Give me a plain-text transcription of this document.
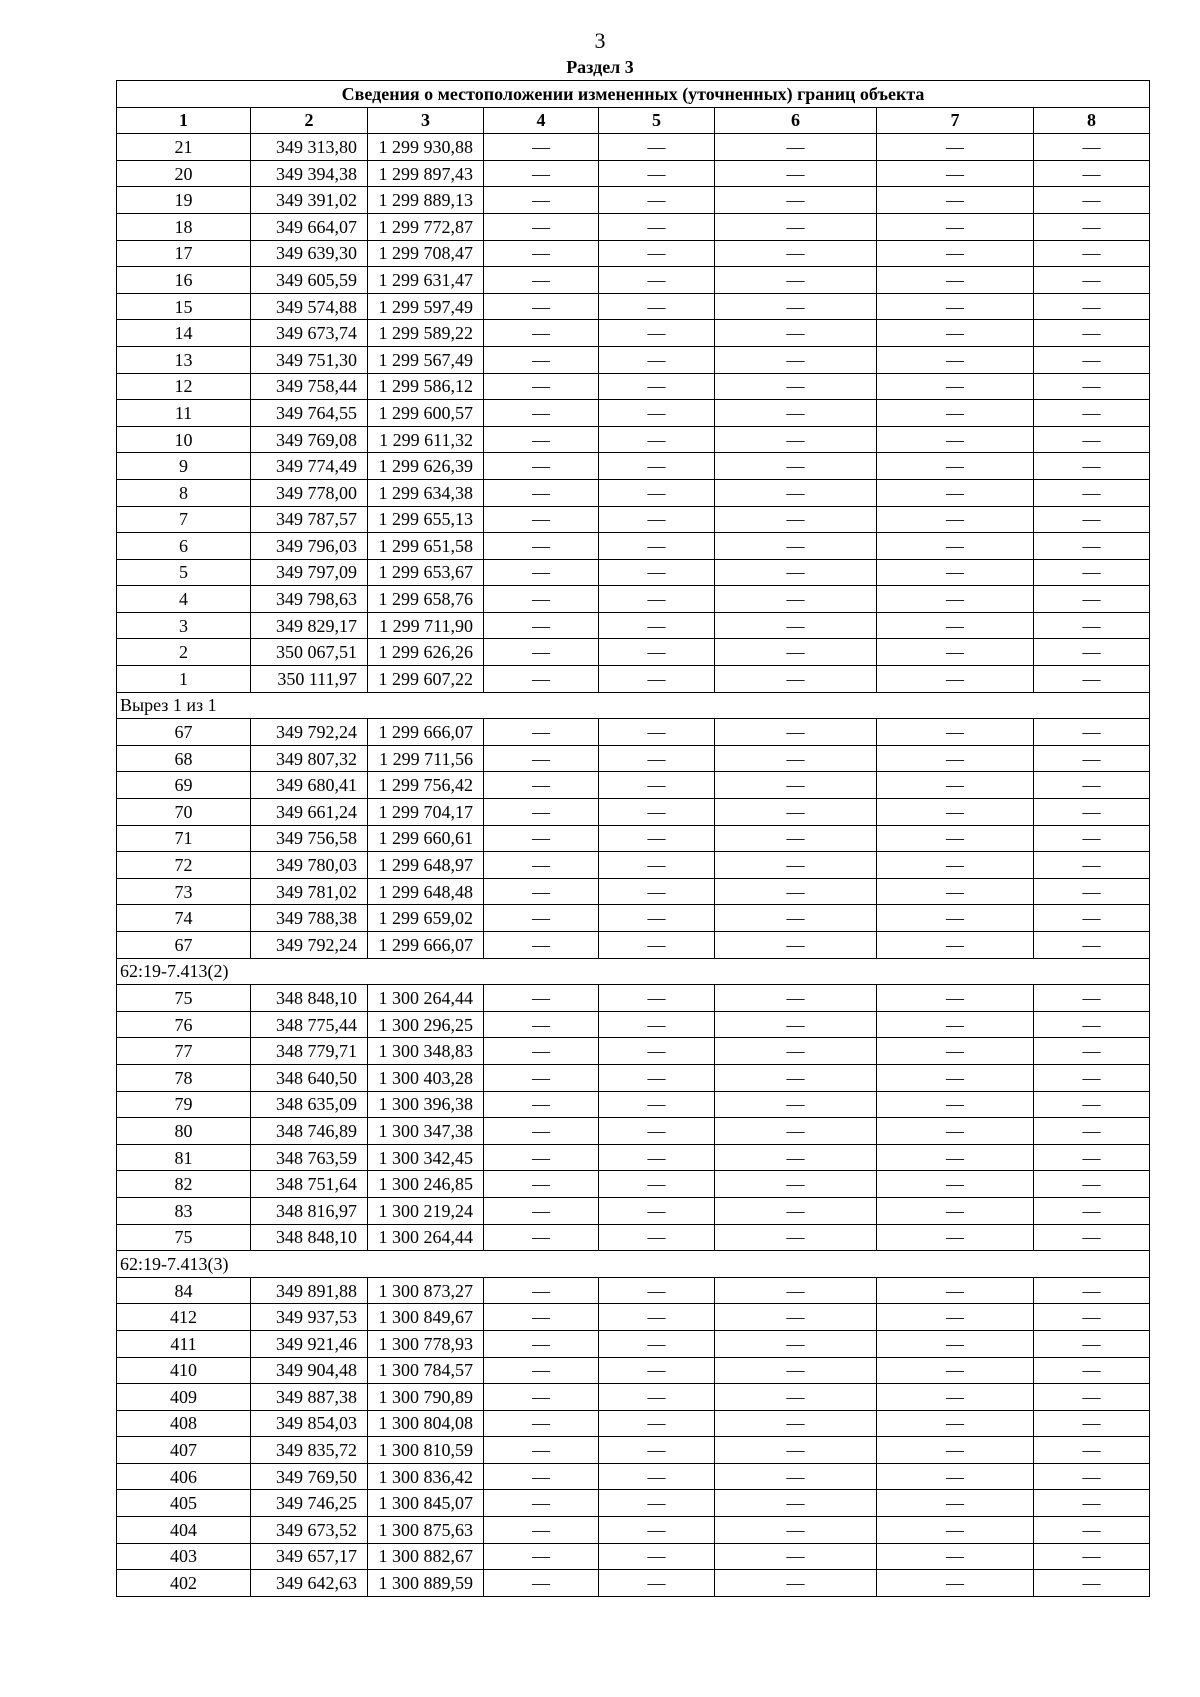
3
Раздел 3
Сведения о местоположении измененных (уточненных) границ объекта							
1	2	3	4	5	6	7	8
21	349 313,80	1 299 930,88	—	—	—	—	—
20	349 394,38	1 299 897,43	—	—	—	—	—
19	349 391,02	1 299 889,13	—	—	—	—	—
18	349 664,07	1 299 772,87	—	—	—	—	—
17	349 639,30	1 299 708,47	—	—	—	—	—
16	349 605,59	1 299 631,47	—	—	—	—	—
15	349 574,88	1 299 597,49	—	—	—	—	—
14	349 673,74	1 299 589,22	—	—	—	—	—
13	349 751,30	1 299 567,49	—	—	—	—	—
12	349 758,44	1 299 586,12	—	—	—	—	—
11	349 764,55	1 299 600,57	—	—	—	—	—
10	349 769,08	1 299 611,32	—	—	—	—	—
9	349 774,49	1 299 626,39	—	—	—	—	—
8	349 778,00	1 299 634,38	—	—	—	—	—
7	349 787,57	1 299 655,13	—	—	—	—	—
6	349 796,03	1 299 651,58	—	—	—	—	—
5	349 797,09	1 299 653,67	—	—	—	—	—
4	349 798,63	1 299 658,76	—	—	—	—	—
3	349 829,17	1 299 711,90	—	—	—	—	—
2	350 067,51	1 299 626,26	—	—	—	—	—
1	350 111,97	1 299 607,22	—	—	—	—	—
Вырез 1 из 1							
67	349 792,24	1 299 666,07	—	—	—	—	—
68	349 807,32	1 299 711,56	—	—	—	—	—
69	349 680,41	1 299 756,42	—	—	—	—	—
70	349 661,24	1 299 704,17	—	—	—	—	—
71	349 756,58	1 299 660,61	—	—	—	—	—
72	349 780,03	1 299 648,97	—	—	—	—	—
73	349 781,02	1 299 648,48	—	—	—	—	—
74	349 788,38	1 299 659,02	—	—	—	—	—
67	349 792,24	1 299 666,07	—	—	—	—	—
62:19-7.413(2)							
75	348 848,10	1 300 264,44	—	—	—	—	—
76	348 775,44	1 300 296,25	—	—	—	—	—
77	348 779,71	1 300 348,83	—	—	—	—	—
78	348 640,50	1 300 403,28	—	—	—	—	—
79	348 635,09	1 300 396,38	—	—	—	—	—
80	348 746,89	1 300 347,38	—	—	—	—	—
81	348 763,59	1 300 342,45	—	—	—	—	—
82	348 751,64	1 300 246,85	—	—	—	—	—
83	348 816,97	1 300 219,24	—	—	—	—	—
75	348 848,10	1 300 264,44	—	—	—	—	—
62:19-7.413(3)							
84	349 891,88	1 300 873,27	—	—	—	—	—
412	349 937,53	1 300 849,67	—	—	—	—	—
411	349 921,46	1 300 778,93	—	—	—	—	—
410	349 904,48	1 300 784,57	—	—	—	—	—
409	349 887,38	1 300 790,89	—	—	—	—	—
408	349 854,03	1 300 804,08	—	—	—	—	—
407	349 835,72	1 300 810,59	—	—	—	—	—
406	349 769,50	1 300 836,42	—	—	—	—	—
405	349 746,25	1 300 845,07	—	—	—	—	—
404	349 673,52	1 300 875,63	—	—	—	—	—
403	349 657,17	1 300 882,67	—	—	—	—	—
402	349 642,63	1 300 889,59	—	—	—	—	—
